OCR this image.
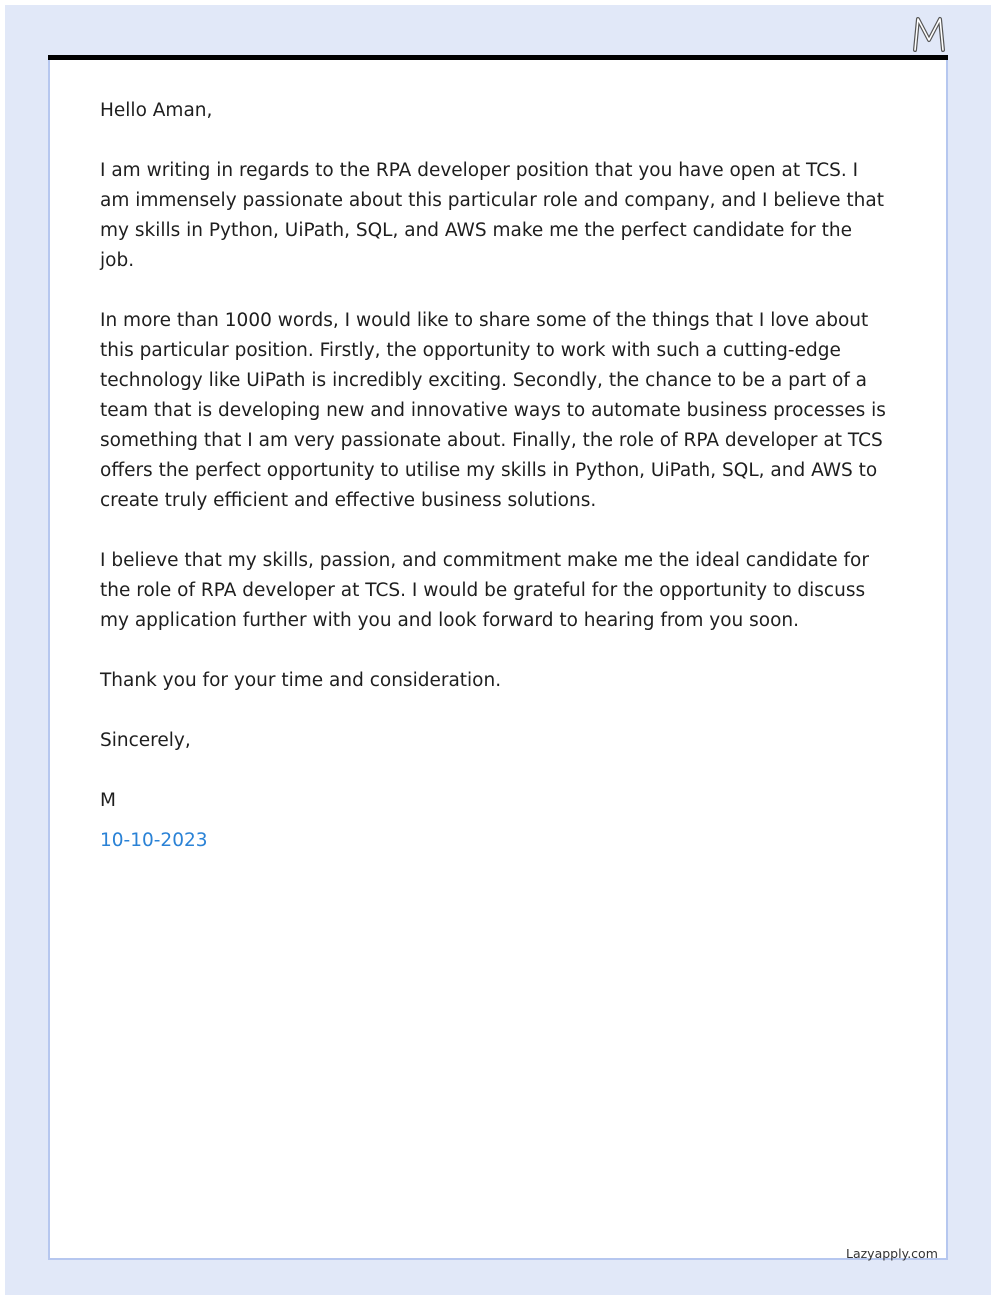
Hello Aman,

I am writing in regards to the RPA developer position that you have open at TCS. I am immensely passionate about this particular role and company, and I believe that my skills in Python, UiPath, SQL, and AWS make me the perfect candidate for the job.

In more than 1000 words, I would like to share some of the things that I love about this particular position. Firstly, the opportunity to work with such a cutting-edge technology like UiPath is incredibly exciting. Secondly, the chance to be a part of a team that is developing new and innovative ways to automate business processes is something that I am very passionate about. Finally, the role of RPA developer at TCS offers the perfect opportunity to utilise my skills in Python, UiPath, SQL, and AWS to create truly efficient and effective business solutions.

I believe that my skills, passion, and commitment make me the ideal candidate for the role of RPA developer at TCS. I would be grateful for the opportunity to discuss my application further with you and look forward to hearing from you soon.

Thank you for your time and consideration.

Sincerely,

M

10-10-2023

Lazyapply.com
